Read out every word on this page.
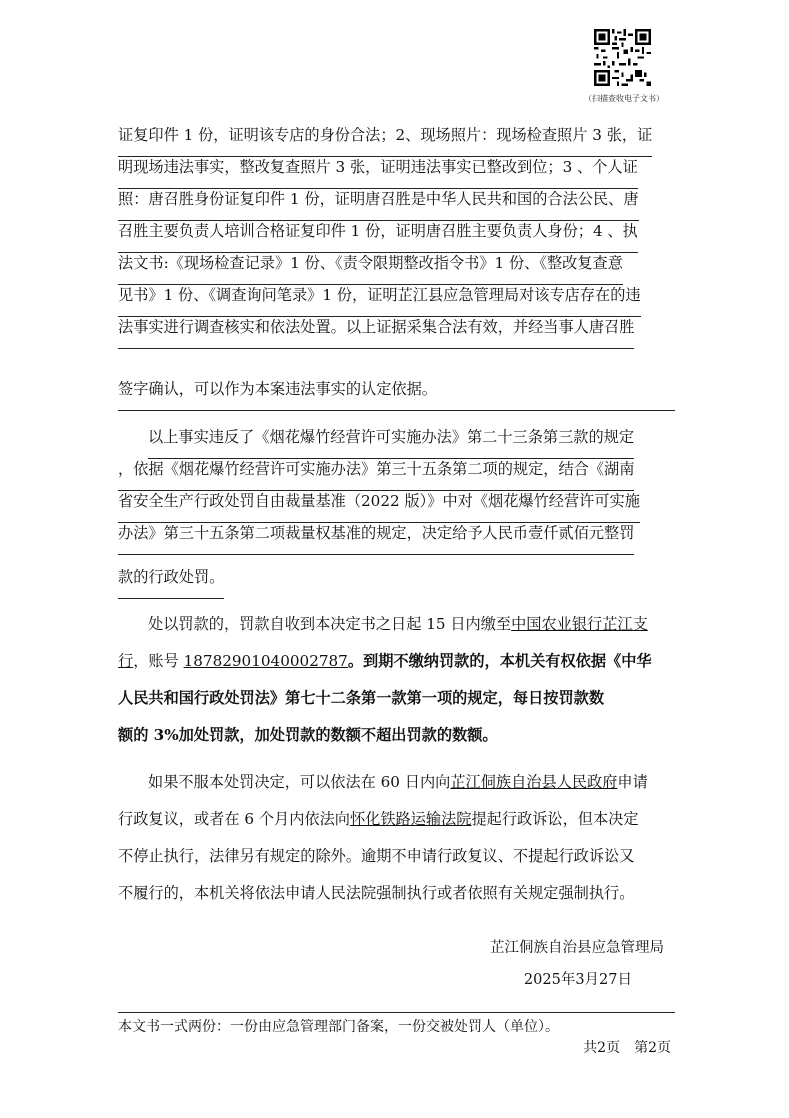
（扫描查收电子文书）
证复印件 1 份，证明该专店的身份合法；2、现场照片：现场检查照片 3 张，证
明现场违法事实，整改复查照片 3 张，证明违法事实已整改到位；3 、个人证
照：唐召胜身份证复印件 1 份，证明唐召胜是中华人民共和国的合法公民、唐
召胜主要负责人培训合格证复印件 1 份，证明唐召胜主要负责人身份；4 、执
法文书:《现场检查记录》1 份、《责令限期整改指令书》1 份、《整改复查意
见书》1 份、《调查询问笔录》1 份，证明芷江县应急管理局对该专店存在的违
法事实进行调查核实和依法处置。以上证据采集合法有效，并经当事人唐召胜
签字确认，可以作为本案违法事实的认定依据。
以上事实违反了《烟花爆竹经营许可实施办法》第二十三条第三款的规定
，依据《烟花爆竹经营许可实施办法》第三十五条第二项的规定，结合《湖南
省安全生产行政处罚自由裁量基准（2022 版）》中对《烟花爆竹经营许可实施
办法》第三十五条第二项裁量权基准的规定，决定给予人民币壹仟贰佰元整罚
款的行政处罚。
处以罚款的，罚款自收到本决定书之日起 15 日内缴至中国农业银行芷江支
行，账号 18782901040002787。到期不缴纳罚款的，本机关有权依据《中华
人民共和国行政处罚法》第七十二条第一款第一项的规定，每日按罚款数
额的 3%加处罚款，加处罚款的数额不超出罚款的数额。
如果不服本处罚决定，可以依法在 60 日内向芷江侗族自治县人民政府申请
行政复议，或者在 6 个月内依法向怀化铁路运输法院提起行政诉讼，但本决定
不停止执行，法律另有规定的除外。逾期不申请行政复议、不提起行政诉讼又
不履行的，本机关将依法申请人民法院强制执行或者依照有关规定强制执行。
芷江侗族自治县应急管理局
2025年3月27日
本文书一式两份：一份由应急管理部门备案，一份交被处罚人（单位）。
共2页　第2页
